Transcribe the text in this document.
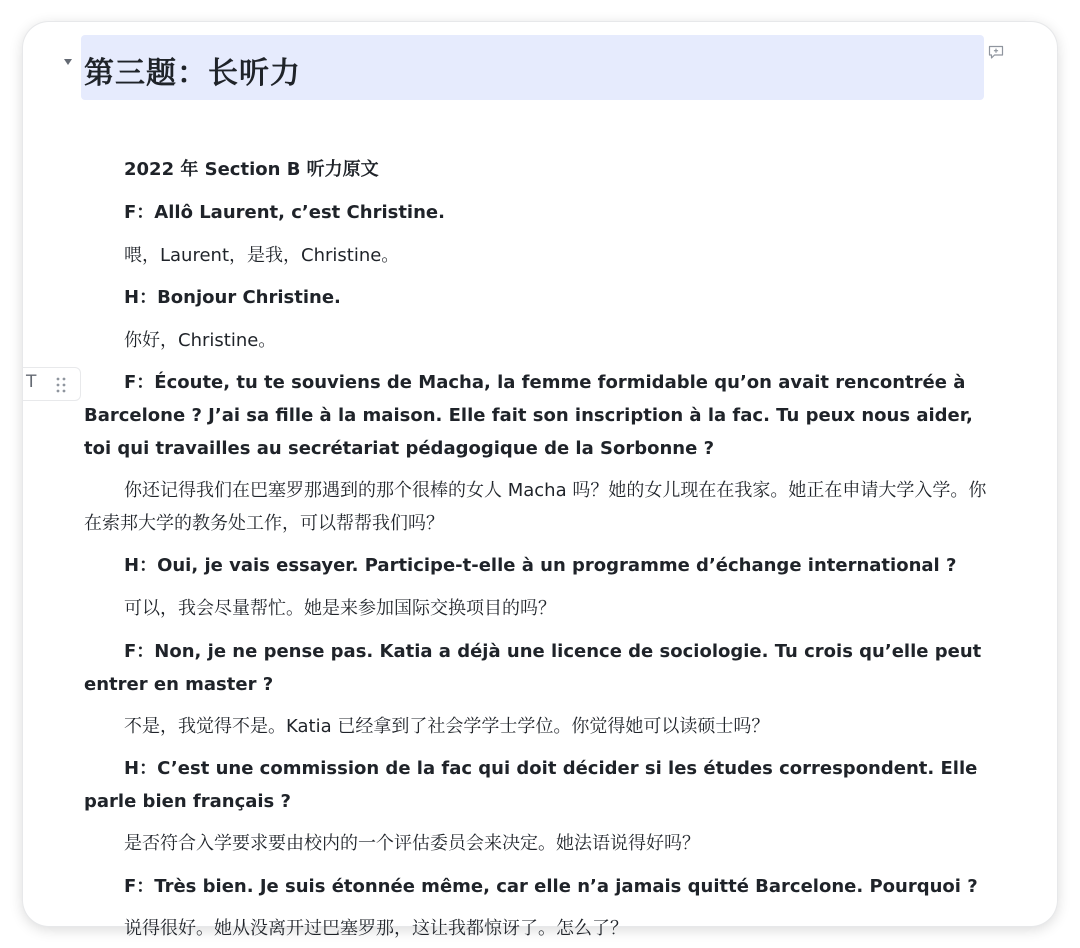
第三题：长听力
T

2022 年 Section B 听力原文

F：Allô Laurent, c’est Christine.

喂，Laurent，是我，Christine。

H：Bonjour Christine.

你好，Christine。

F：Écoute, tu te souviens de Macha, la femme formidable qu’on avait rencontrée à Barcelone ? J’ai sa fille à la maison. Elle fait son inscription à la fac. Tu peux nous aider, toi qui travailles au secrétariat pédagogique de la Sorbonne ?

你还记得我们在巴塞罗那遇到的那个很棒的女人 Macha 吗？她的女儿现在在我家。她正在申请大学入学。你在索邦大学的教务处工作，可以帮帮我们吗？

H：Oui, je vais essayer. Participe-t-elle à un programme d’échange international ?

可以，我会尽量帮忙。她是来参加国际交换项目的吗？

F：Non, je ne pense pas. Katia a déjà une licence de sociologie. Tu crois qu’elle peut entrer en master ?

不是，我觉得不是。Katia 已经拿到了社会学学士学位。你觉得她可以读硕士吗？

H：C’est une commission de la fac qui doit décider si les études correspondent. Elle parle bien français ?

是否符合入学要求要由校内的一个评估委员会来决定。她法语说得好吗？

F：Très bien. Je suis étonnée même, car elle n’a jamais quitté Barcelone. Pourquoi ?

说得很好。她从没离开过巴塞罗那，这让我都惊讶了。怎么了？
